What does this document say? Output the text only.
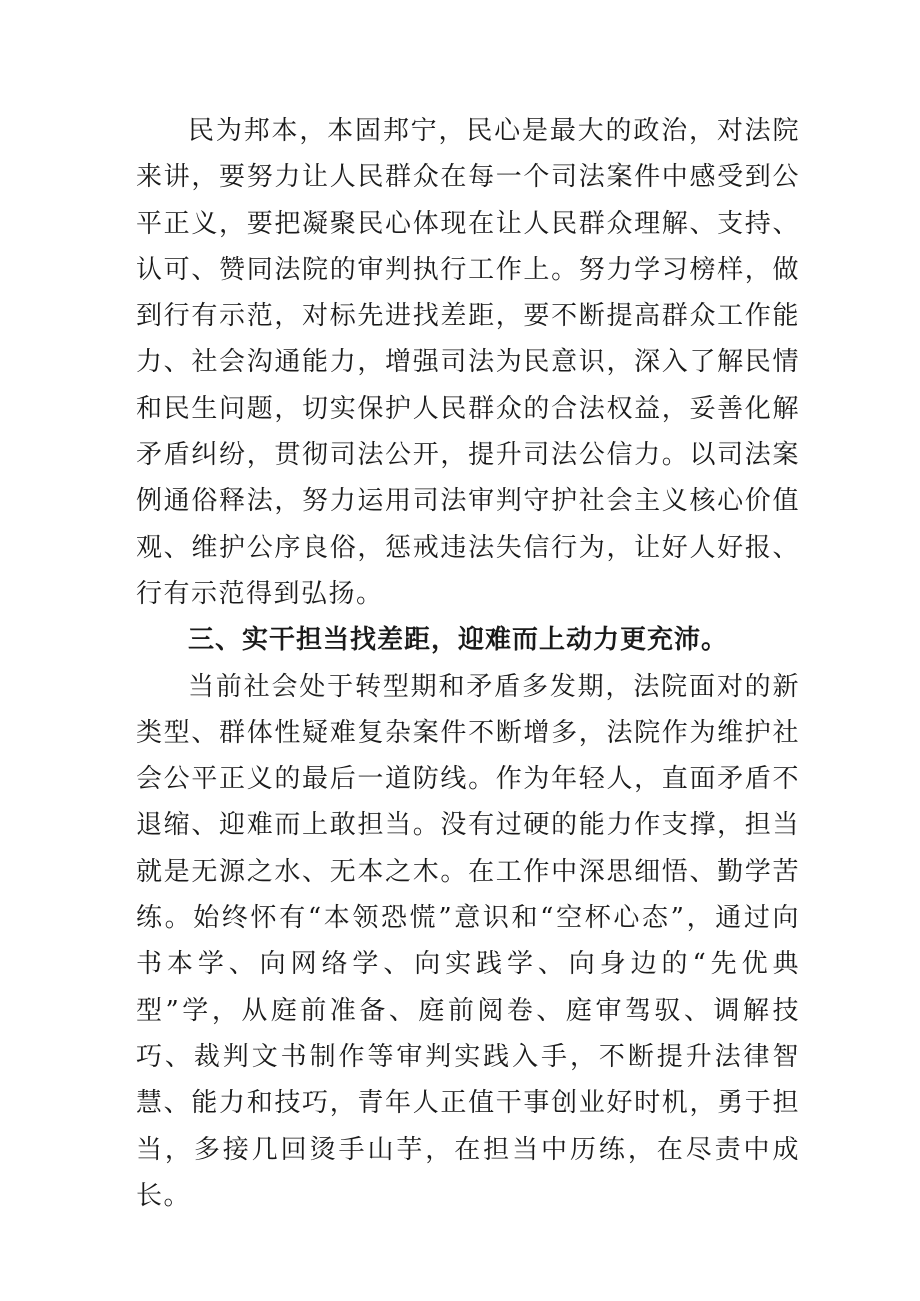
民为邦本，本固邦宁，民心是最大的政治，对法院来讲，要努力让人民群众在每一个司法案件中感受到公平正义，要把凝聚民心体现在让人民群众理解、支持、认可、赞同法院的审判执行工作上。努力学习榜样，做到行有示范，对标先进找差距，要不断提高群众工作能力、社会沟通能力，增强司法为民意识，深入了解民情和民生问题，切实保护人民群众的合法权益，妥善化解矛盾纠纷，贯彻司法公开，提升司法公信力。以司法案例通俗释法，努力运用司法审判守护社会主义核心价值观、维护公序良俗，惩戒违法失信行为，让好人好报、行有示范得到弘扬。

三、实干担当找差距，迎难而上动力更充沛。

当前社会处于转型期和矛盾多发期，法院面对的新类型、群体性疑难复杂案件不断增多，法院作为维护社会公平正义的最后一道防线。作为年轻人，直面矛盾不退缩、迎难而上敢担当。没有过硬的能力作支撑，担当就是无源之水、无本之木。在工作中深思细悟、勤学苦练。始终怀有“本领恐慌”意识和“空杯心态”，通过向书本学、向网络学、向实践学、向身边的“先优典型”学，从庭前准备、庭前阅卷、庭审驾驭、调解技巧、裁判文书制作等审判实践入手，不断提升法律智慧、能力和技巧，青年人正值干事创业好时机，勇于担当，多接几回烫手山芋，在担当中历练，在尽责中成长。
